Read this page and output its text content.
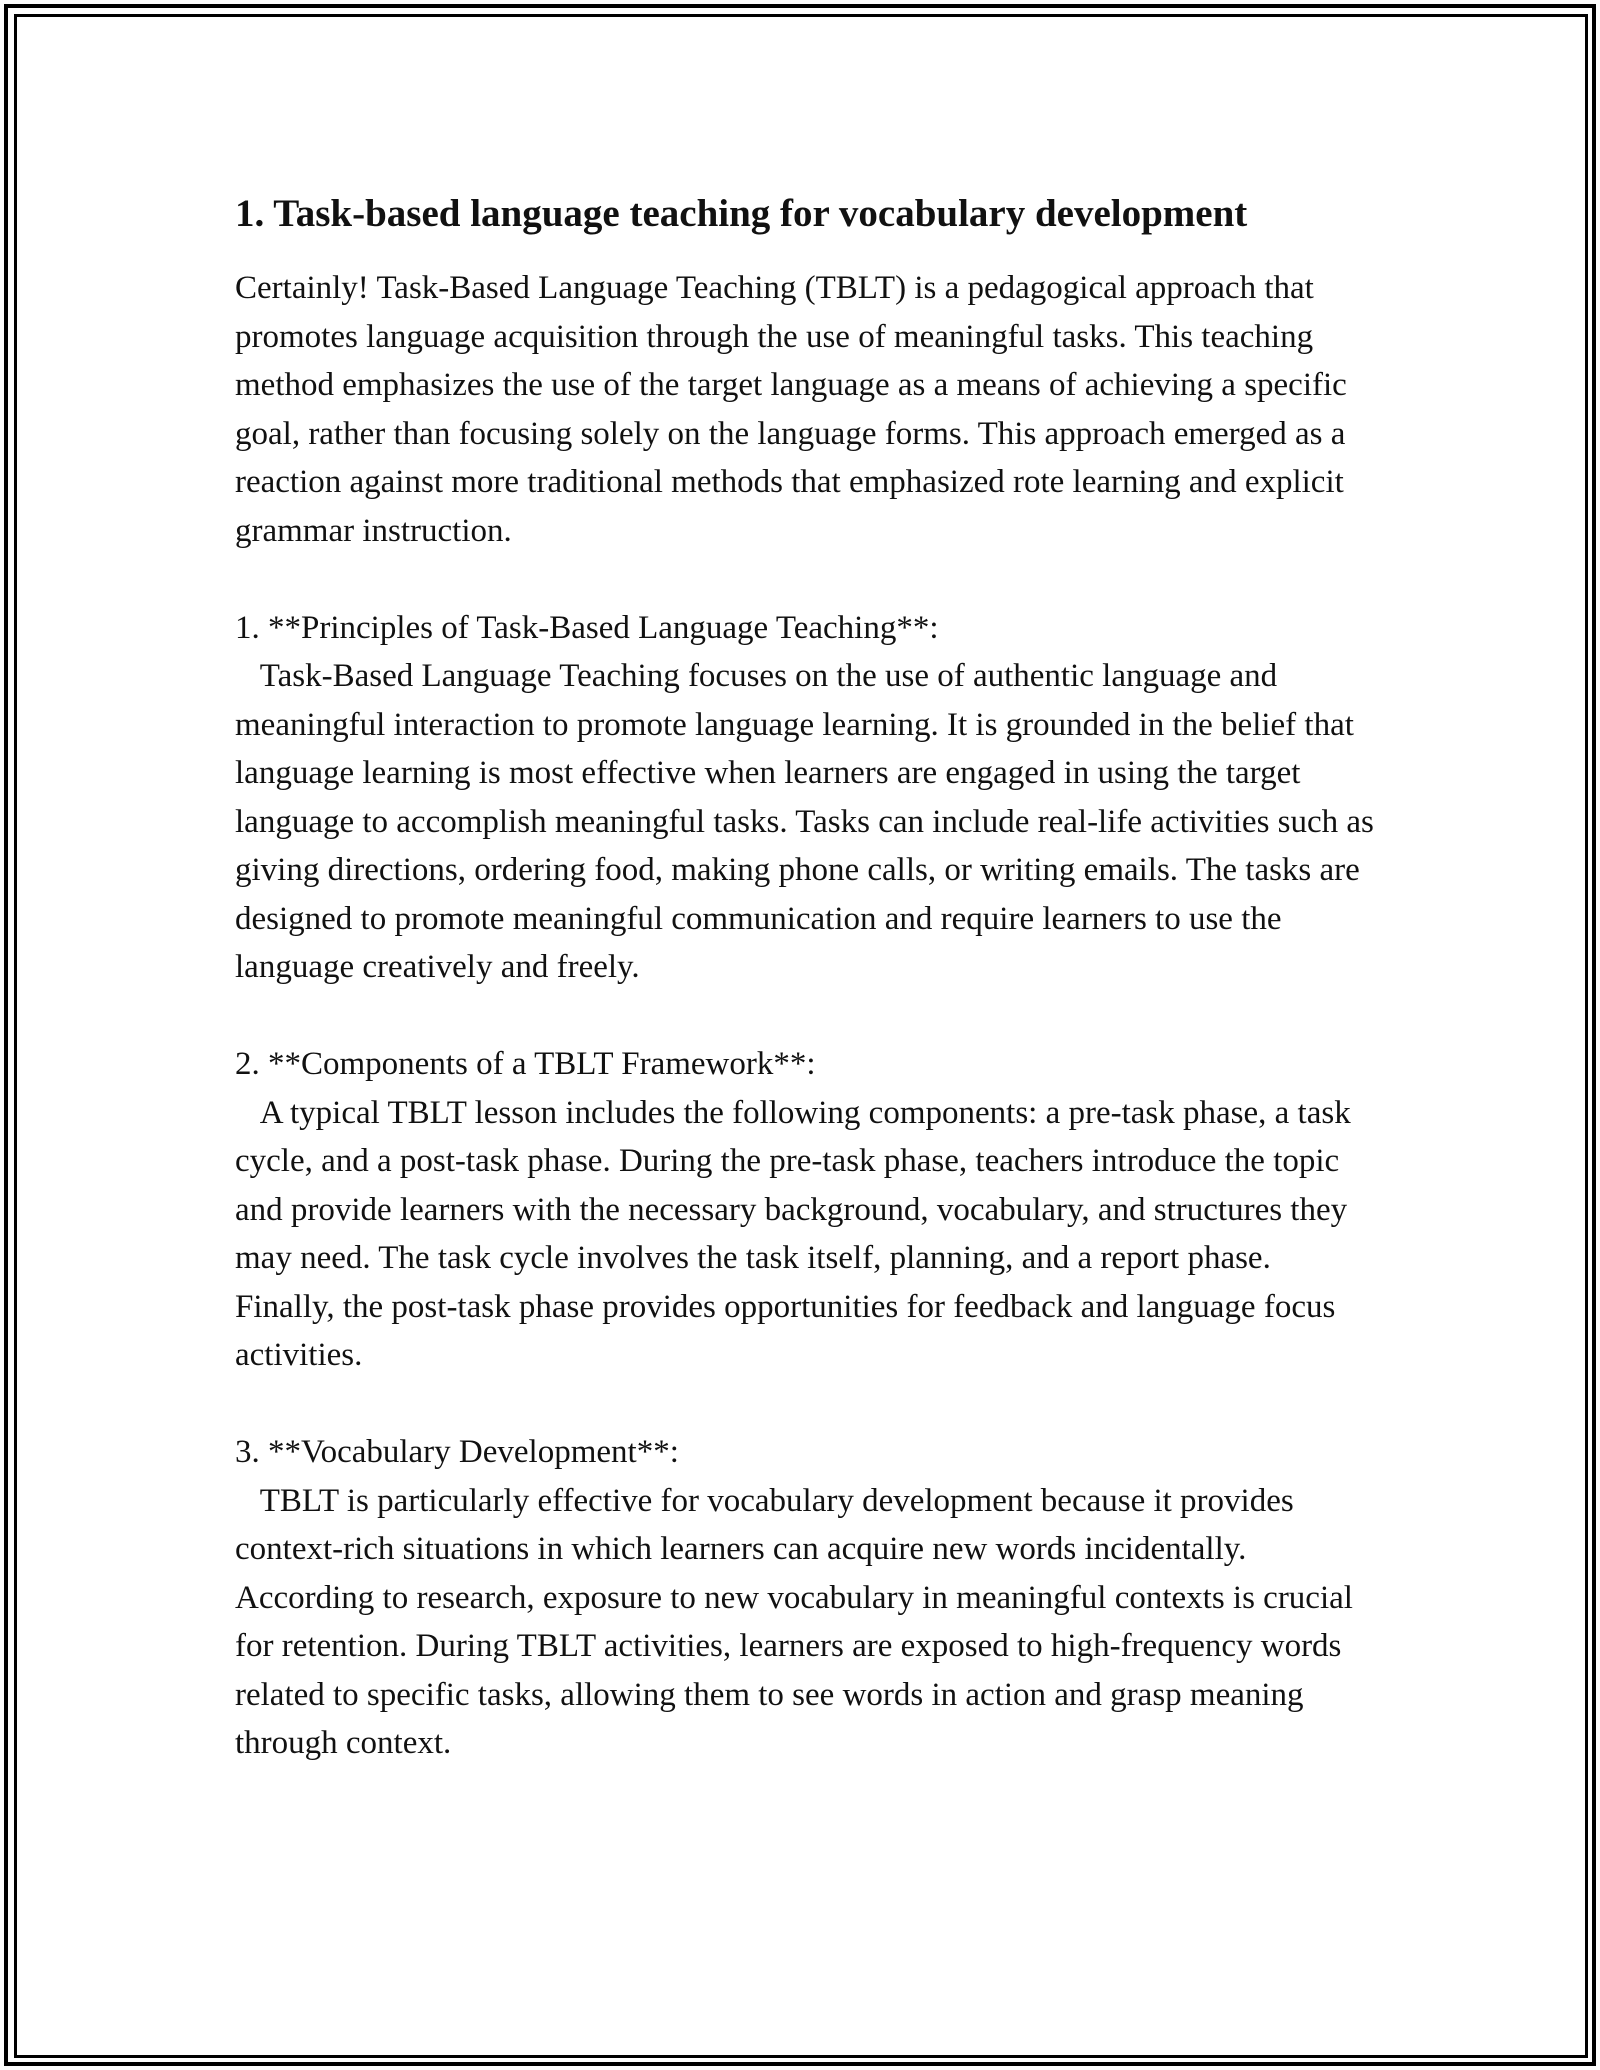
1. Task-based language teaching for vocabulary development

Certainly! Task-Based Language Teaching (TBLT) is a pedagogical approach that promotes language acquisition through the use of meaningful tasks. This teaching method emphasizes the use of the target language as a means of achieving a specific goal, rather than focusing solely on the language forms. This approach emerged as a reaction against more traditional methods that emphasized rote learning and explicit grammar instruction.

1. **Principles of Task-Based Language Teaching**:

Task-Based Language Teaching focuses on the use of authentic language and meaningful interaction to promote language learning. It is grounded in the belief that language learning is most effective when learners are engaged in using the target language to accomplish meaningful tasks. Tasks can include real-life activities such as giving directions, ordering food, making phone calls, or writing emails. The tasks are designed to promote meaningful communication and require learners to use the language creatively and freely.

2. **Components of a TBLT Framework**:

A typical TBLT lesson includes the following components: a pre-task phase, a task cycle, and a post-task phase. During the pre-task phase, teachers introduce the topic and provide learners with the necessary background, vocabulary, and structures they may need. The task cycle involves the task itself, planning, and a report phase. Finally, the post-task phase provides opportunities for feedback and language focus activities.

3. **Vocabulary Development**:

TBLT is particularly effective for vocabulary development because it provides context-rich situations in which learners can acquire new words incidentally. According to research, exposure to new vocabulary in meaningful contexts is crucial for retention. During TBLT activities, learners are exposed to high-frequency words related to specific tasks, allowing them to see words in action and grasp meaning through context.
